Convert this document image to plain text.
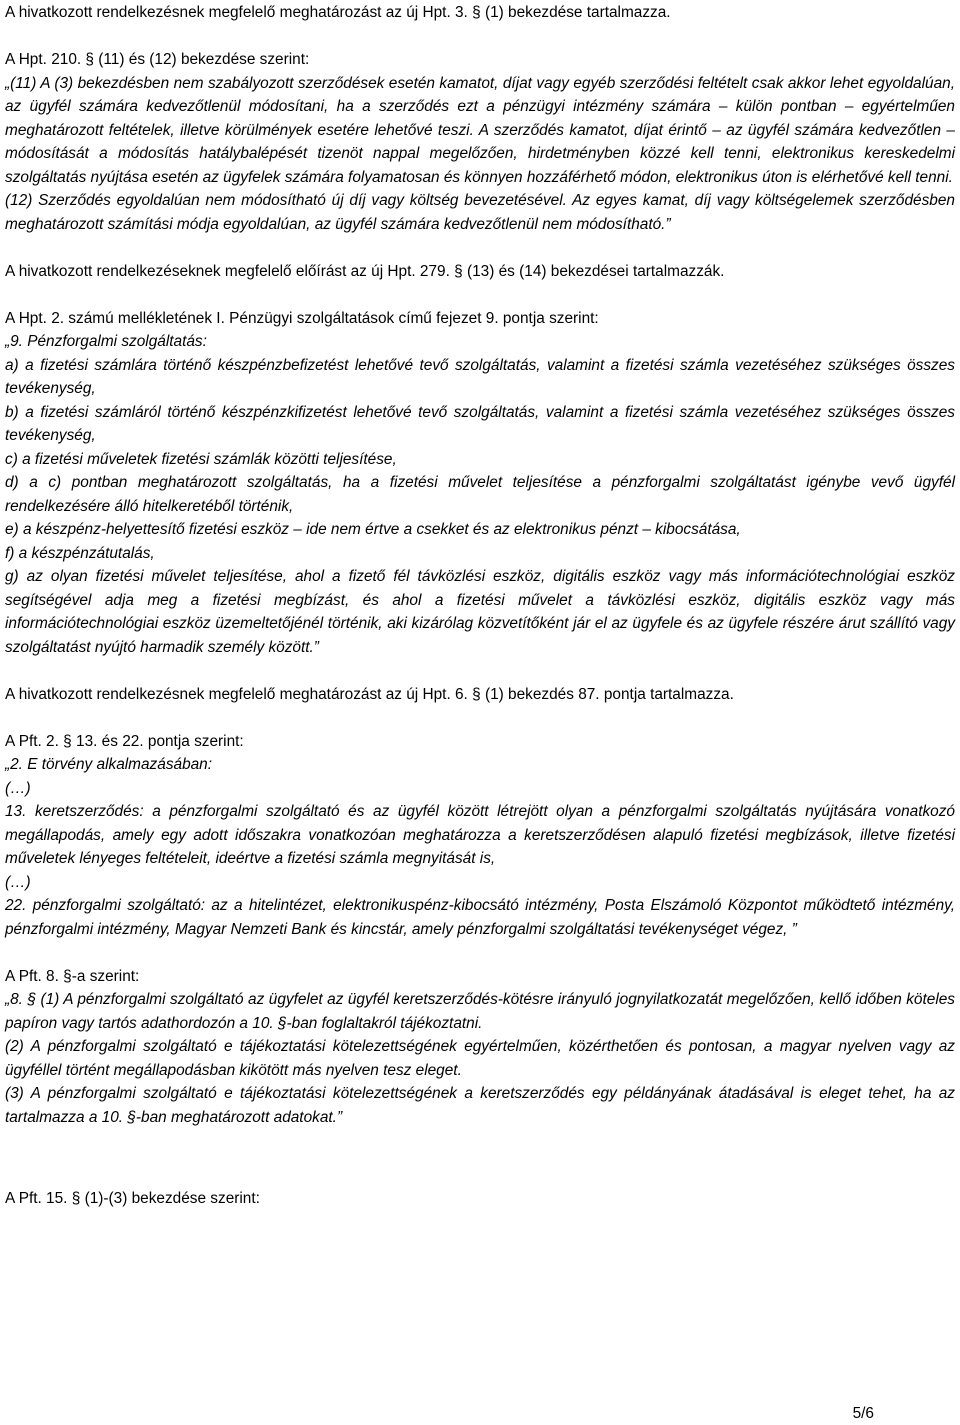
A hivatkozott rendelkezésnek megfelelő meghatározást az új Hpt. 3. § (1) bekezdése tartalmazza.

A Hpt. 210. § (11) és (12) bekezdése szerint:

„(11) A (3) bekezdésben nem szabályozott szerződések esetén kamatot, díjat vagy egyéb szerződési feltételt csak akkor lehet egyoldalúan, az ügyfél számára kedvezőtlenül módosítani, ha a szerződés ezt a pénzügyi intézmény számára – külön pontban – egyértelműen meghatározott feltételek, illetve körülmények esetére lehetővé teszi. A szerződés kamatot, díjat érintő – az ügyfél számára kedvezőtlen – módosítását a módosítás hatálybalépését tizenöt nappal megelőzően, hirdetményben közzé kell tenni, elektronikus kereskedelmi szolgáltatás nyújtása esetén az ügyfelek számára folyamatosan és könnyen hozzáférhető módon, elektronikus úton is elérhetővé kell tenni.

(12) Szerződés egyoldalúan nem módosítható új díj vagy költség bevezetésével. Az egyes kamat, díj vagy költségelemek szerződésben meghatározott számítási módja egyoldalúan, az ügyfél számára kedvezőtlenül nem módosítható.”

A hivatkozott rendelkezéseknek megfelelő előírást az új Hpt. 279. § (13) és (14) bekezdései tartalmazzák.

A Hpt. 2. számú mellékletének I. Pénzügyi szolgáltatások című fejezet 9. pontja szerint:

„9. Pénzforgalmi szolgáltatás:

a) a fizetési számlára történő készpénzbefizetést lehetővé tevő szolgáltatás, valamint a fizetési számla vezetéséhez szükséges összes tevékenység,

b) a fizetési számláról történő készpénzkifizetést lehetővé tevő szolgáltatás, valamint a fizetési számla vezetéséhez szükséges összes tevékenység,

c) a fizetési műveletek fizetési számlák közötti teljesítése,

d) a c) pontban meghatározott szolgáltatás, ha a fizetési művelet teljesítése a pénzforgalmi szolgáltatást igénybe vevő ügyfél rendelkezésére álló hitelkeretéből történik,

e) a készpénz-helyettesítő fizetési eszköz – ide nem értve a csekket és az elektronikus pénzt – kibocsátása,

f) a készpénzátutalás,

g) az olyan fizetési művelet teljesítése, ahol a fizető fél távközlési eszköz, digitális eszköz vagy más információtechnológiai eszköz segítségével adja meg a fizetési megbízást, és ahol a fizetési művelet a távközlési eszköz, digitális eszköz vagy más információtechnológiai eszköz üzemeltetőjénél történik, aki kizárólag közvetítőként jár el az ügyfele és az ügyfele részére árut szállító vagy szolgáltatást nyújtó harmadik személy között.”

A hivatkozott rendelkezésnek megfelelő meghatározást az új Hpt. 6. § (1) bekezdés 87. pontja tartalmazza.

A Pft. 2. § 13. és 22. pontja szerint:

„2. E törvény alkalmazásában:

(…)

13. keretszerződés: a pénzforgalmi szolgáltató és az ügyfél között létrejött olyan a pénzforgalmi szolgáltatás nyújtására vonatkozó megállapodás, amely egy adott időszakra vonatkozóan meghatározza a keretszerződésen alapuló fizetési megbízások, illetve fizetési műveletek lényeges feltételeit, ideértve a fizetési számla megnyitását is,

(…)

22. pénzforgalmi szolgáltató: az a hitelintézet, elektronikuspénz-kibocsátó intézmény, Posta Elszámoló Központot működtető intézmény, pénzforgalmi intézmény, Magyar Nemzeti Bank és kincstár, amely pénzforgalmi szolgáltatási tevékenységet végez, ”

A Pft. 8. §-a szerint:

„8. § (1) A pénzforgalmi szolgáltató az ügyfelet az ügyfél keretszerződés-kötésre irányuló jognyilatkozatát megelőzően, kellő időben köteles papíron vagy tartós adathordozón a 10. §-ban foglaltakról tájékoztatni.

(2) A pénzforgalmi szolgáltató e tájékoztatási kötelezettségének egyértelműen, közérthetően és pontosan, a magyar nyelven vagy az ügyféllel történt megállapodásban kikötött más nyelven tesz eleget.

(3) A pénzforgalmi szolgáltató e tájékoztatási kötelezettségének a keretszerződés egy példányának átadásával is eleget tehet, ha az tartalmazza a 10. §-ban meghatározott adatokat.”

A Pft. 15. § (1)-(3) bekezdése szerint:

5/6
